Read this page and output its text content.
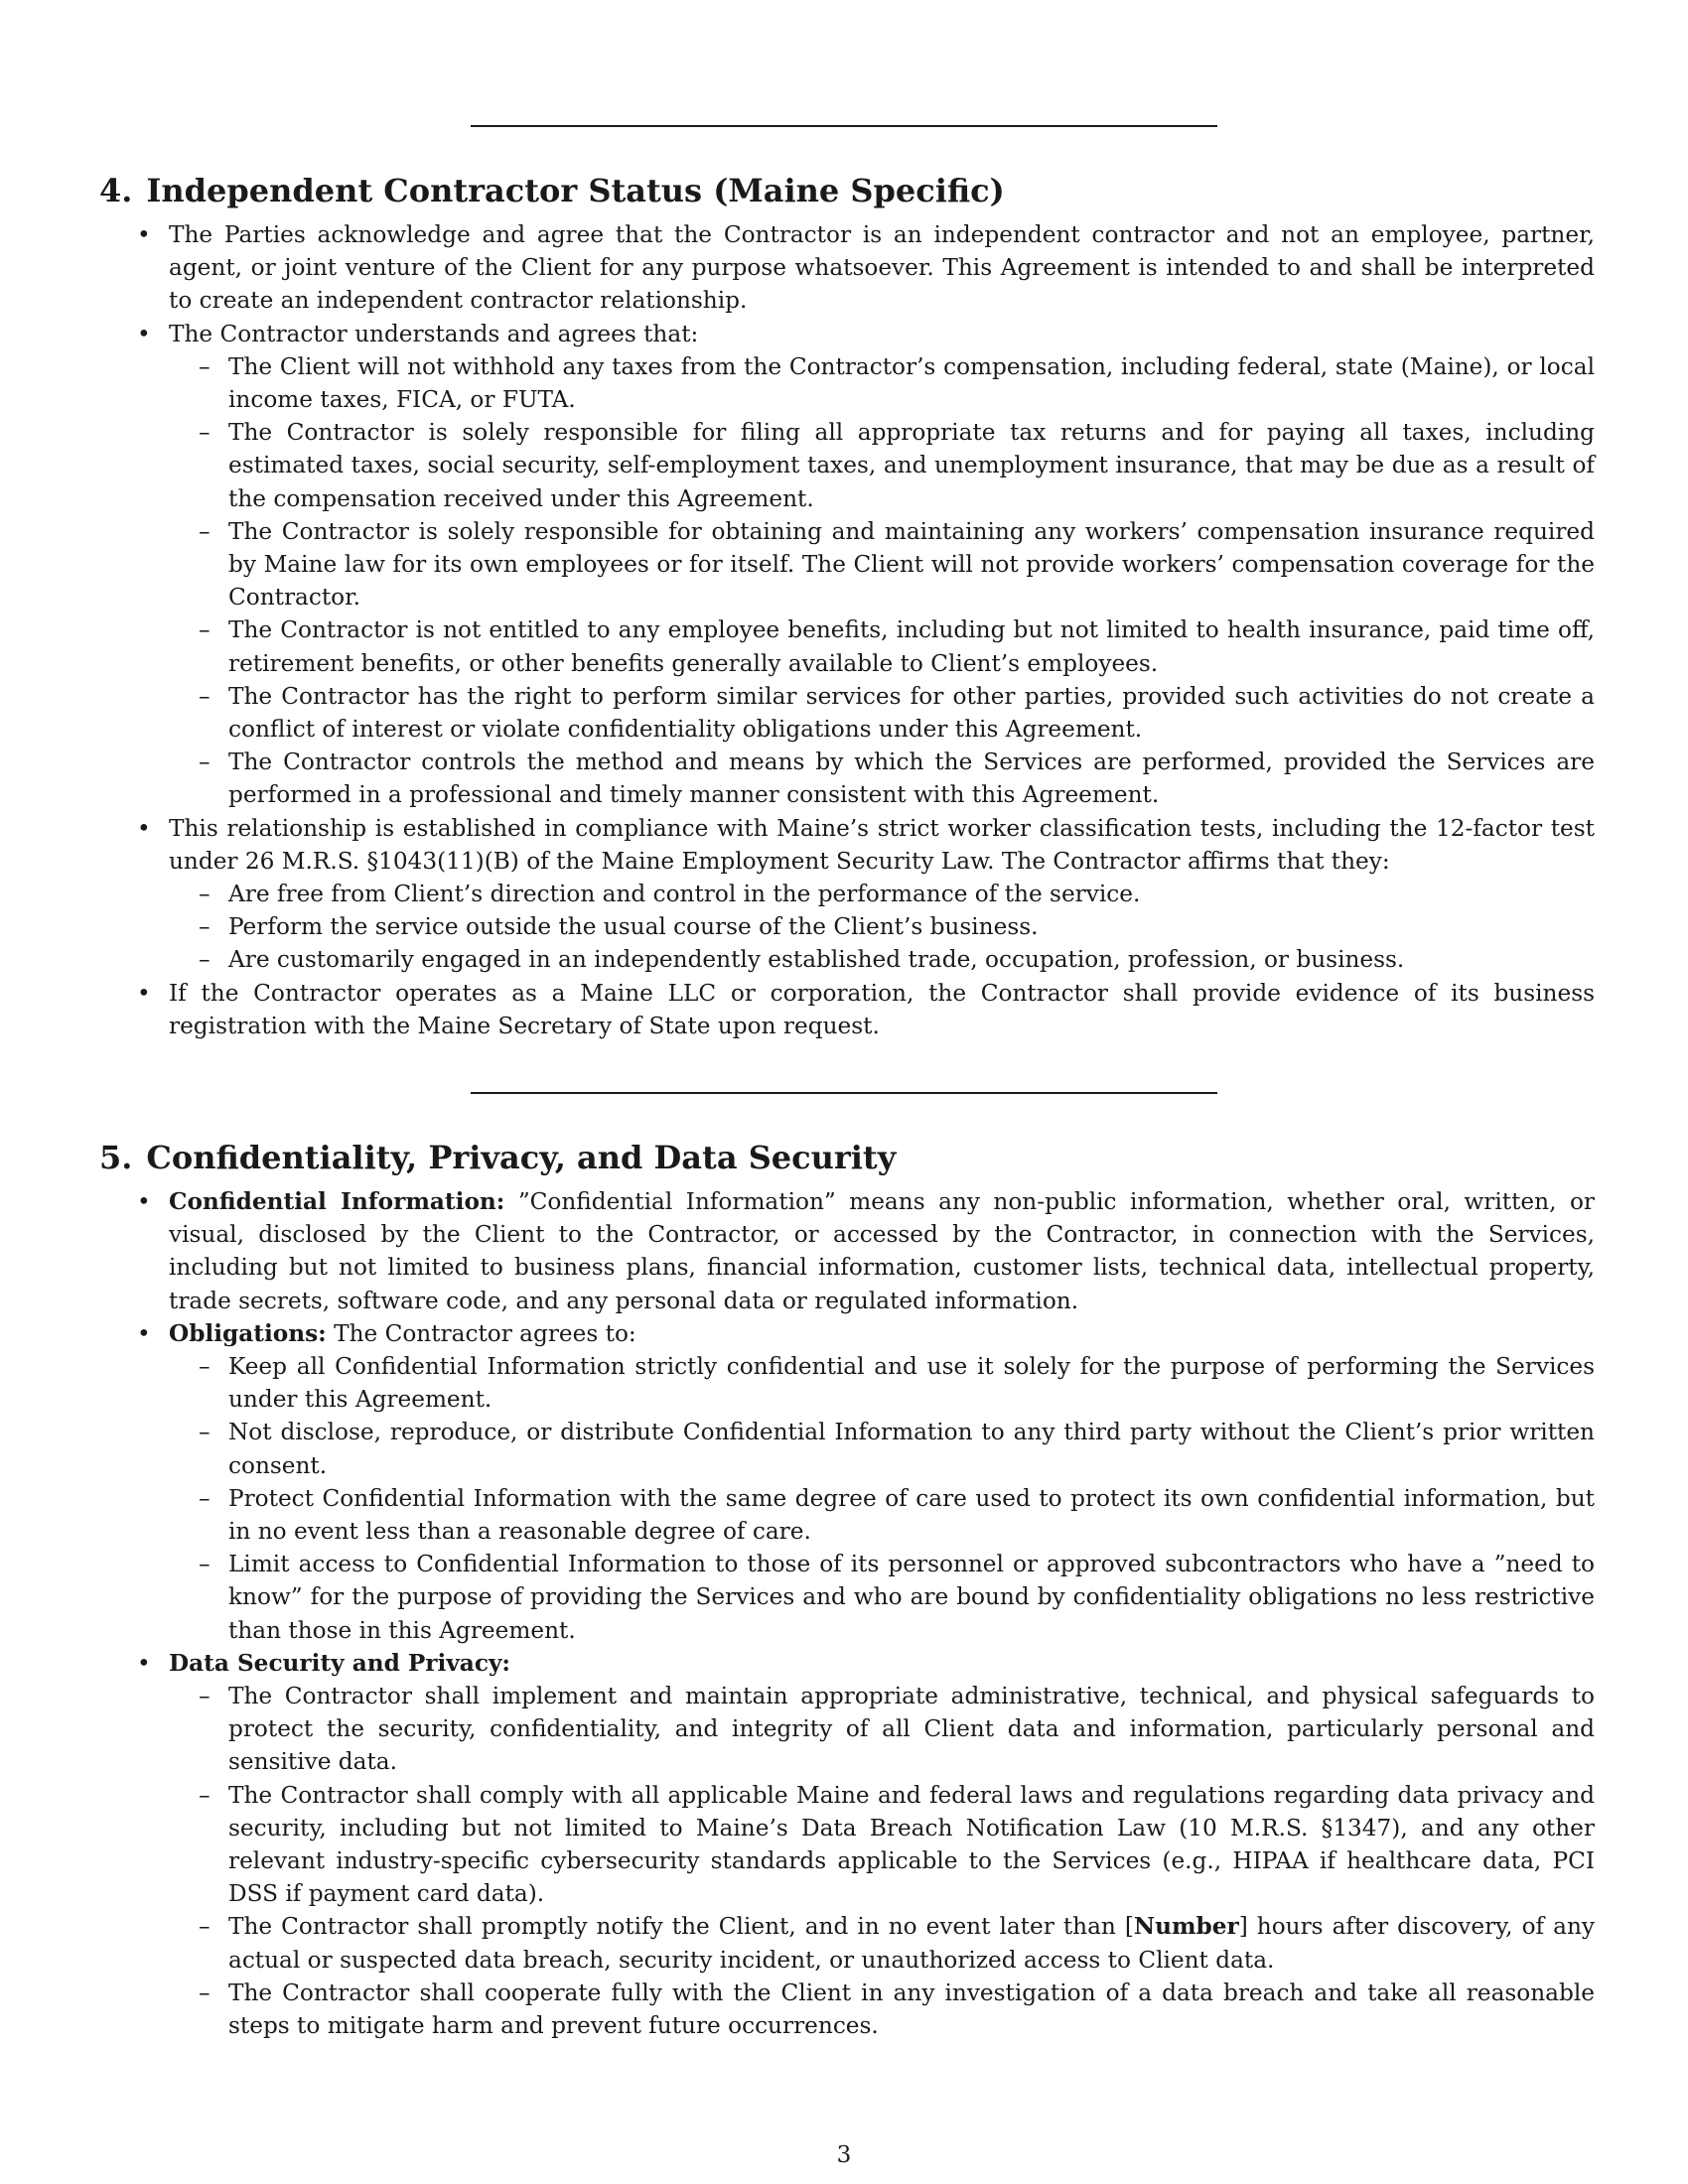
4. Independent Contractor Status (Maine Specific)
• The Parties acknowledge and agree that the Contractor is an independent contractor and not an employee, partner, agent, or joint venture of the Client for any purpose whatsoever. This Agreement is intended to and shall be interpreted to create an independent contractor relationship.
• The Contractor understands and agrees that:
– The Client will not withhold any taxes from the Contractor’s compensation, including federal, state (Maine), or local income taxes, FICA, or FUTA.
– The Contractor is solely responsible for filing all appropriate tax returns and for paying all taxes, including estimated taxes, social security, self-employment taxes, and unemployment insurance, that may be due as a result of the compensation received under this Agreement.
– The Contractor is solely responsible for obtaining and maintaining any workers’ compensation insurance required by Maine law for its own employees or for itself. The Client will not provide workers’ compensation coverage for the Contractor.
– The Contractor is not entitled to any employee benefits, including but not limited to health insurance, paid time off, retirement benefits, or other benefits generally available to Client’s employees.
– The Contractor has the right to perform similar services for other parties, provided such activities do not create a conflict of interest or violate confidentiality obligations under this Agreement.
– The Contractor controls the method and means by which the Services are performed, provided the Services are performed in a professional and timely manner consistent with this Agreement.
• This relationship is established in compliance with Maine’s strict worker classification tests, including the 12-factor test under 26 M.R.S. §1043(11)(B) of the Maine Employment Security Law. The Contractor affirms that they:
– Are free from Client’s direction and control in the performance of the service.
– Perform the service outside the usual course of the Client’s business.
– Are customarily engaged in an independently established trade, occupation, profession, or business.
• If the Contractor operates as a Maine LLC or corporation, the Contractor shall provide evidence of its business registration with the Maine Secretary of State upon request.
5. Confidentiality, Privacy, and Data Security
• Confidential Information: ”Confidential Information” means any non-public information, whether oral, written, or visual, disclosed by the Client to the Contractor, or accessed by the Contractor, in connection with the Services, including but not limited to business plans, financial information, customer lists, technical data, intellectual property, trade secrets, software code, and any personal data or regulated information.
• Obligations: The Contractor agrees to:
– Keep all Confidential Information strictly confidential and use it solely for the purpose of performing the Services under this Agreement.
– Not disclose, reproduce, or distribute Confidential Information to any third party without the Client’s prior written consent.
– Protect Confidential Information with the same degree of care used to protect its own confidential information, but in no event less than a reasonable degree of care.
– Limit access to Confidential Information to those of its personnel or approved subcontractors who have a ”need to know” for the purpose of providing the Services and who are bound by confidentiality obligations no less restrictive than those in this Agreement.
• Data Security and Privacy:
– The Contractor shall implement and maintain appropriate administrative, technical, and physical safeguards to protect the security, confidentiality, and integrity of all Client data and information, particularly personal and sensitive data.
– The Contractor shall comply with all applicable Maine and federal laws and regulations regarding data privacy and security, including but not limited to Maine’s Data Breach Notification Law (10 M.R.S. §1347), and any other relevant industry-specific cybersecurity standards applicable to the Services (e.g., HIPAA if healthcare data, PCI DSS if payment card data).
– The Contractor shall promptly notify the Client, and in no event later than [Number] hours after discovery, of any actual or suspected data breach, security incident, or unauthorized access to Client data.
– The Contractor shall cooperate fully with the Client in any investigation of a data breach and take all reasonable steps to mitigate harm and prevent future occurrences.
3
